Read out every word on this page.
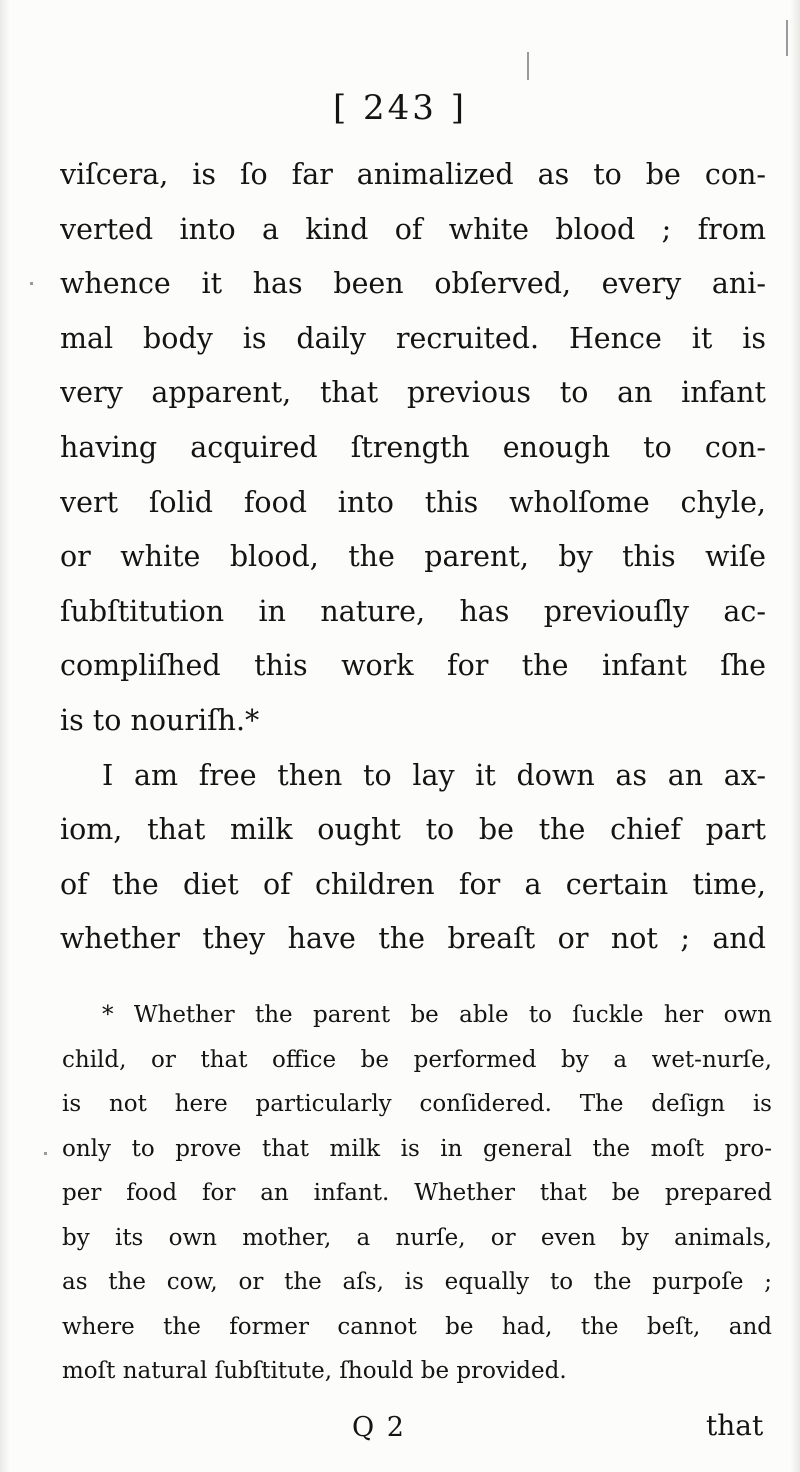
[ 243 ]
viſcera, is ſo far animalized as to be con-
verted into a kind of white blood ; from
whence it has been obſerved, every ani-
mal body is daily recruited. Hence it is
very apparent, that previous to an infant
having acquired ſtrength enough to con-
vert ſolid food into this wholſome chyle,
or white blood, the parent, by this wiſe
ſubſtitution in nature, has previouſly ac-
compliſhed this work for the infant ſhe
is to nouriſh.*
I am free then to lay it down as an ax-
iom, that milk ought to be the chief part
of the diet of children for a certain time,
whether they have the breaſt or not ; and
* Whether the parent be able to ſuckle her own
child, or that office be performed by a wet-nurſe,
is not here particularly conſidered. The deſign is
only to prove that milk is in general the moſt pro-
per food for an infant. Whether that be prepared
by its own mother, a nurſe, or even by animals,
as the cow, or the aſs, is equally to the purpoſe ;
where the former cannot be had, the beſt, and
moſt natural ſubſtitute, ſhould be provided.
Q 2	that
